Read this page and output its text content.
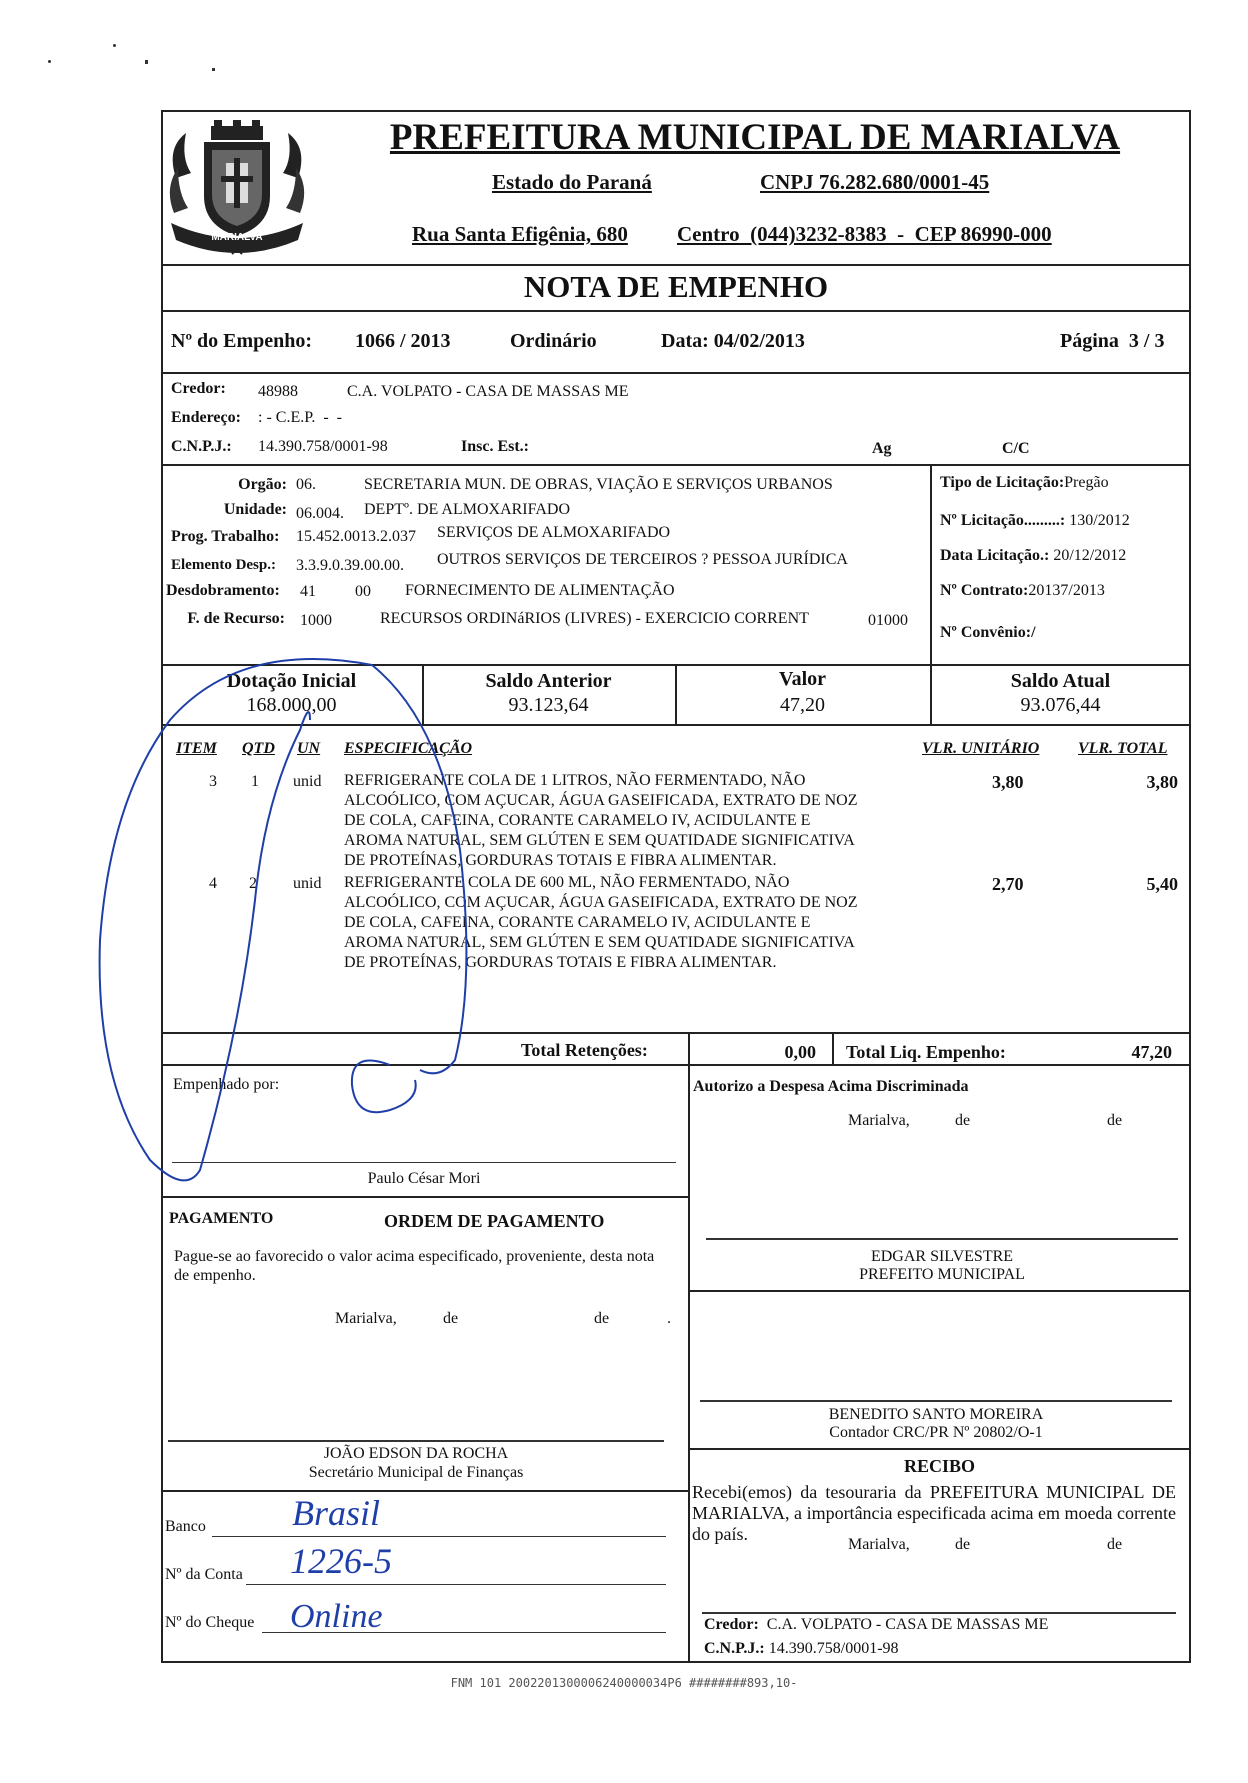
MARIALVA
PREFEITURA MUNICIPAL DE MARIALVA
Estado do Paraná	CNPJ 76.282.680/0001-45
Rua Santa Efigênia, 680 Centro  (044)3232-8383  -  CEP 86990-000
NOTA DE EMPENHO
Nº do Empenho: 1066 / 2013	Ordinário	Data: 04/02/2013	Página  3 / 3
Credor: 48988	C.A. VOLPATO - CASA DE MASSAS ME
Endereço: : - C.E.P.  -  -
C.N.P.J.: 14.390.758/0001-98	Insc. Est.:	Ag	C/C
Orgão: 06.	SECRETARIA MUN. DE OBRAS, VIAÇÃO E SERVIÇOS URBANOS
Unidade: 06.004. DEPTº. DE ALMOXARIFADO
Prog. Trabalho: 15.452.0013.2.037 SERVIÇOS DE ALMOXARIFADO
Elemento Desp.: 3.3.9.0.39.00.00. OUTROS SERVIÇOS DE TERCEIROS ? PESSOA JURÍDICA
Desdobramento: 41 00 FORNECIMENTO DE ALIMENTAÇÃO
F. de Recurso: 1000	RECURSOS ORDINáRIOS (LIVRES) - EXERCICIO CORRENT	01000
Tipo de Licitação:Pregão
Nº Licitação.........: 130/2012
Data Licitação.: 20/12/2012
Nº Contrato:20137/2013
Nº Convênio:/
Dotação Inicial
168.000,00
Saldo Anterior
93.123,64
Valor
47,20
Saldo Atual
93.076,44
ITEM QTD UN ESPECIFICAÇÃO	VLR. UNITÁRIO VLR. TOTAL
3 1 unid REFRIGERANTE COLA DE 1 LITROS, NÃO FERMENTADO, NÃO
ALCOÓLICO, COM AÇUCAR, ÁGUA GASEIFICADA, EXTRATO DE NOZ
DE COLA, CAFEINA, CORANTE CARAMELO IV, ACIDULANTE E
AROMA NATURAL, SEM GLÚTEN E SEM QUATIDADE SIGNIFICATIVA
DE PROTEÍNAS, GORDURAS TOTAIS E FIBRA ALIMENTAR.
3,80	3,80
4 2 unid REFRIGERANTE COLA DE 600 ML, NÃO FERMENTADO, NÃO
ALCOÓLICO, COM AÇUCAR, ÁGUA GASEIFICADA, EXTRATO DE NOZ
DE COLA, CAFEINA, CORANTE CARAMELO IV, ACIDULANTE E
AROMA NATURAL, SEM GLÚTEN E SEM QUATIDADE SIGNIFICATIVA
DE PROTEÍNAS, GORDURAS TOTAIS E FIBRA ALIMENTAR.
2,70	5,40
Total Retenções:	0,00 Total Liq. Empenho:	47,20
Empenhado por:
Paulo César Mori
PAGAMENTO	ORDEM DE PAGAMENTO
Pague-se ao favorecido o valor acima especificado, proveniente, desta nota de empenho.
Marialva,	de	de	.
JOÃO EDSON DA ROCHA
Secretário Municipal de Finanças
Banco Brasil
Nº da Conta 1226-5
Nº do Cheque Online
Autorizo a Despesa Acima Discriminada
Marialva,	de	de
EDGAR SILVESTRE
PREFEITO MUNICIPAL
BENEDITO SANTO MOREIRA
Contador CRC/PR Nº 20802/O-1
RECIBO
Recebi(emos) da tesouraria da PREFEITURA MUNICIPAL DE MARIALVA, a importância especificada acima em moeda corrente do país.
Marialva,	de	de
Credor: C.A. VOLPATO - CASA DE MASSAS ME
C.N.P.J.: 14.390.758/0001-98
FNM 101 2002201300006240000034P6 ########893,10-
